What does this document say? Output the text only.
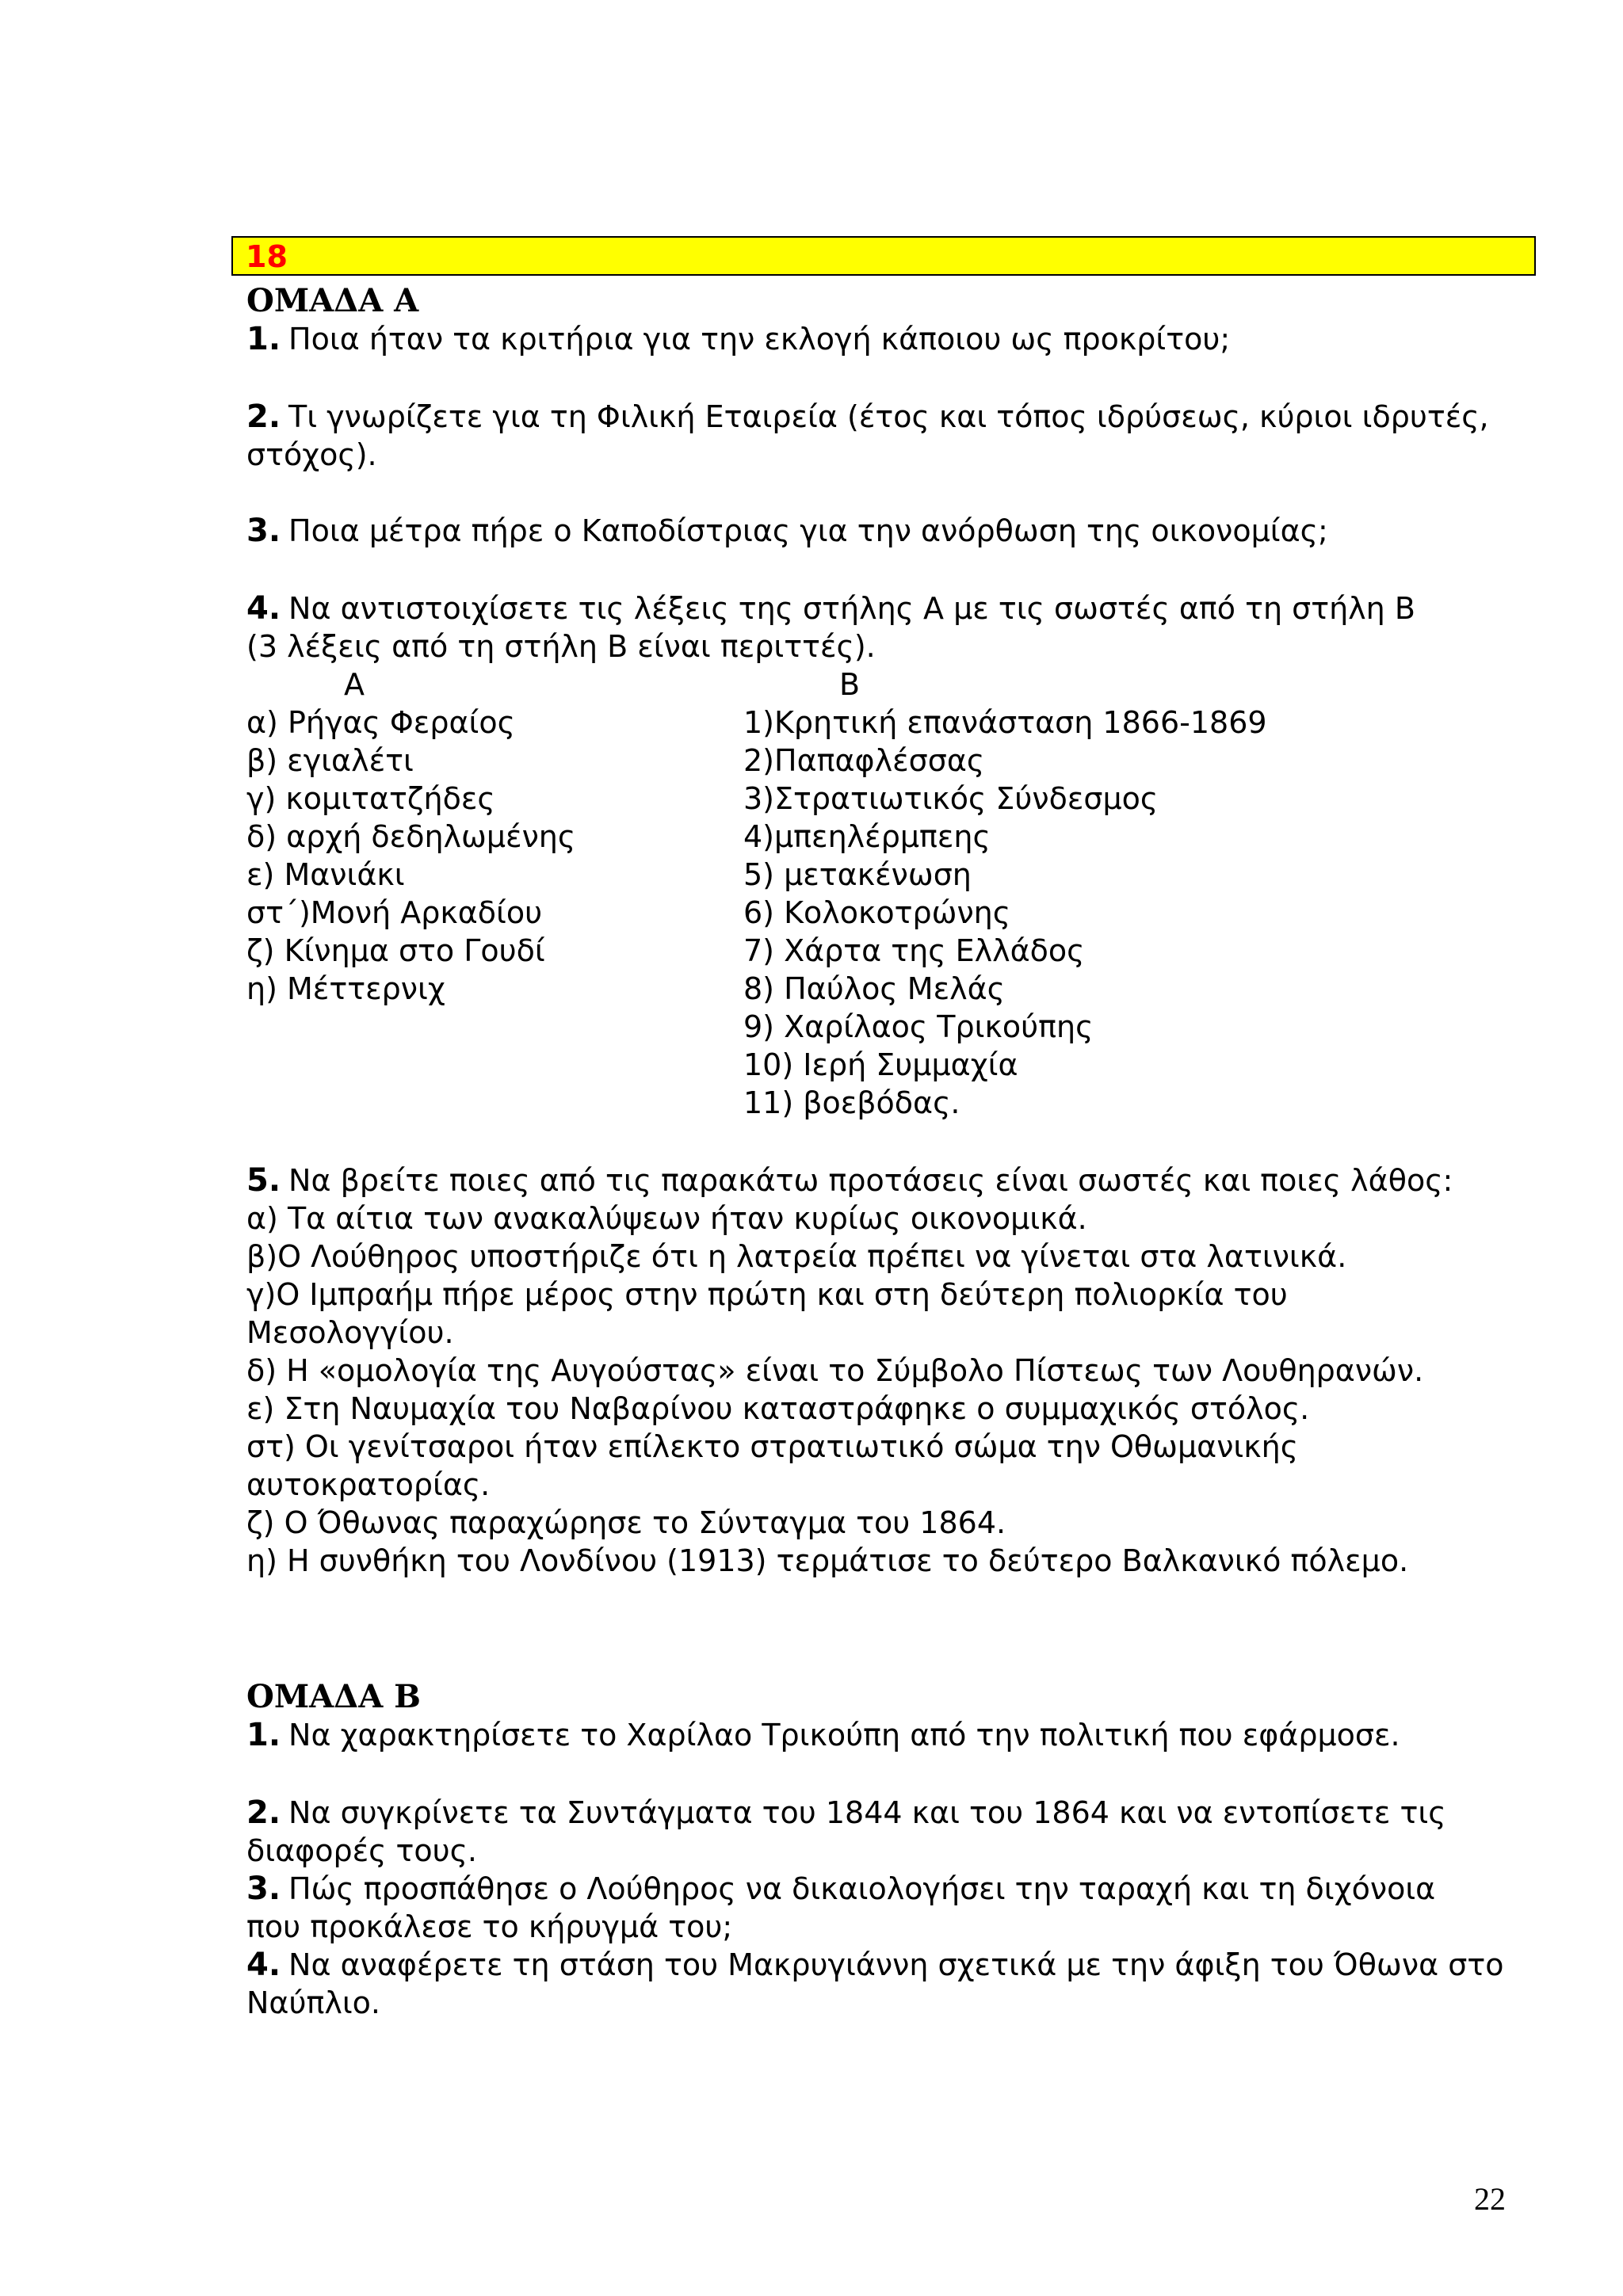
18
ΟΜΑΔΑ Α
1. Ποια ήταν τα κριτήρια για την εκλογή κάποιου ως προκρίτου;
2. Τι γνωρίζετε για τη Φιλική Εταιρεία (έτος και τόπος ιδρύσεως, κύριοι ιδρυτές,
στόχος).
3. Ποια μέτρα πήρε ο Καποδίστριας για την ανόρθωση της οικονομίας;
4. Να αντιστοιχίσετε τις λέξεις της στήλης Α με τις σωστές από τη στήλη Β
(3 λέξεις από τη στήλη Β είναι περιττές).
Α	Β
α) Ρήγας Φεραίος
β) εγιαλέτι
γ) κομιτατζήδες
δ) αρχή δεδηλωμένης
ε) Μανιάκι
στ΄)Μονή Αρκαδίου
ζ) Κίνημα στο Γουδί
η) Μέττερνιχ
1)Κρητική επανάσταση 1866-1869
2)Παπαφλέσσας
3)Στρατιωτικός Σύνδεσμος
4)μπεηλέρμπεης
5) μετακένωση
6) Κολοκοτρώνης
7) Χάρτα της Ελλάδος
8) Παύλος Μελάς
9) Χαρίλαος Τρικούπης
10) Ιερή Συμμαχία
11) βοεβόδας.
5. Να βρείτε ποιες από τις παρακάτω προτάσεις είναι σωστές και ποιες λάθος:
α) Τα αίτια των ανακαλύψεων ήταν κυρίως οικονομικά.
β)Ο Λούθηρος υποστήριζε ότι η λατρεία πρέπει να γίνεται στα λατινικά.
γ)Ο Ιμπραήμ πήρε μέρος στην πρώτη και στη δεύτερη πολιορκία του
Μεσολογγίου.
δ) Η «ομολογία της Αυγούστας» είναι το Σύμβολο Πίστεως των Λουθηρανών.
ε) Στη Ναυμαχία του Ναβαρίνου καταστράφηκε ο συμμαχικός στόλος.
στ) Οι γενίτσαροι ήταν επίλεκτο στρατιωτικό σώμα την Οθωμανικής
αυτοκρατορίας.
ζ) Ο Όθωνας παραχώρησε το Σύνταγμα του 1864.
η) Η συνθήκη του Λονδίνου (1913) τερμάτισε το δεύτερο Βαλκανικό πόλεμο.
ΟΜΑΔΑ Β
1. Να χαρακτηρίσετε το Χαρίλαο Τρικούπη από την πολιτική που εφάρμοσε.
2. Να συγκρίνετε τα Συντάγματα του 1844 και του 1864 και να εντοπίσετε τις
διαφορές τους.
3. Πώς προσπάθησε ο Λούθηρος να δικαιολογήσει την ταραχή και τη διχόνοια
που προκάλεσε το κήρυγμά του;
4. Να αναφέρετε τη στάση του Μακρυγιάννη σχετικά με την άφιξη του Όθωνα στο
Ναύπλιο.
22
